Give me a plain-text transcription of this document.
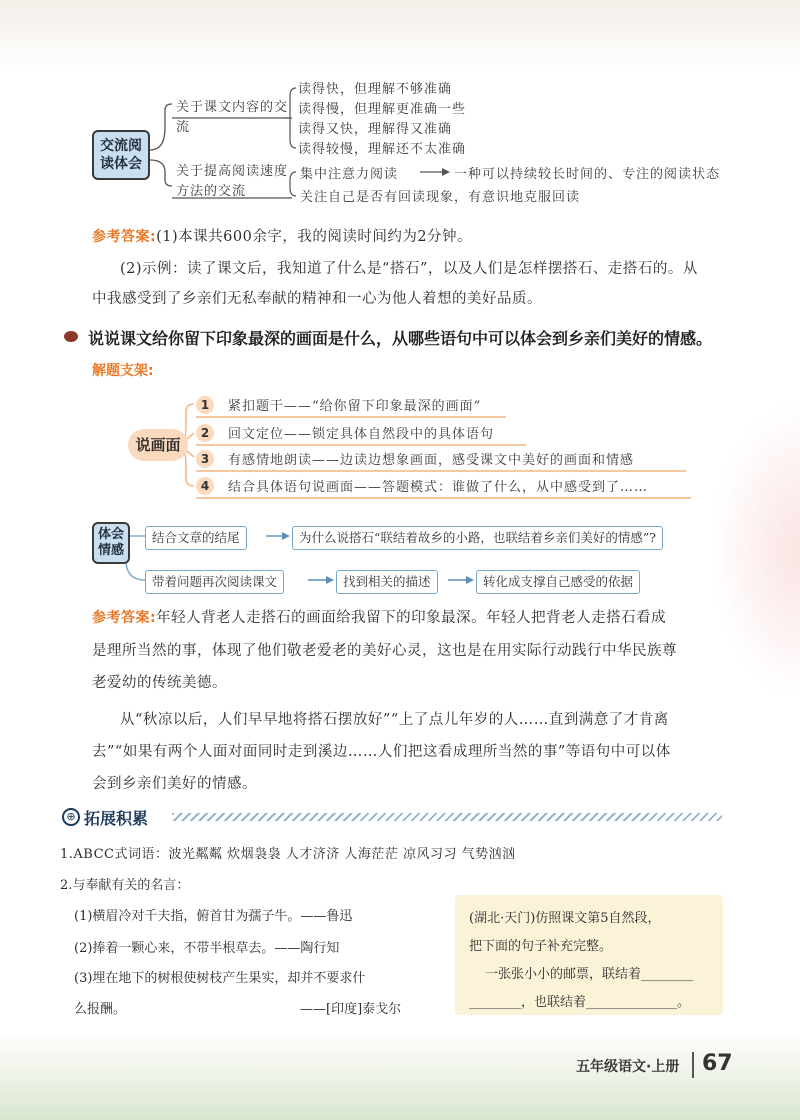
交流阅读体会
关于课文内容的交流
读得快，但理解不够准确
读得慢，但理解更准确一些
读得又快，理解得又准确
读得较慢，理解还不太准确
关于提高阅读速度方法的交流
集中注意力阅读	一种可以持续较长时间的、专注的阅读状态
关注自己是否有回读现象，有意识地克服回读
参考答案:(1)本课共600余字，我的阅读时间约为2分钟。
(2)示例：读了课文后，我知道了什么是“搭石”，以及人们是怎样摆搭石、走搭石的。从
中我感受到了乡亲们无私奉献的精神和一心为他人着想的美好品质。
说说课文给你留下印象最深的画面是什么，从哪些语句中可以体会到乡亲们美好的情感。
解题支架:
说画面
1	紧扣题干——“给你留下印象最深的画面”
2	回文定位——锁定具体自然段中的具体语句
3	有感情地朗读——边读边想象画面，感受课文中美好的画面和情感
4	结合具体语句说画面——答题模式：谁做了什么，从中感受到了……
体会情感
结合文章的结尾	为什么说搭石“联结着故乡的小路，也联结着乡亲们美好的情感”?
带着问题再次阅读课文	找到相关的描述	转化成支撑自己感受的依据
参考答案:年轻人背老人走搭石的画面给我留下的印象最深。年轻人把背老人走搭石看成
是理所当然的事，体现了他们敬老爱老的美好心灵，这也是在用实际行动践行中华民族尊
老爱幼的传统美德。
从“秋凉以后，人们早早地将搭石摆放好”“上了点儿年岁的人……直到满意了才肯离
去”“如果有两个人面对面同时走到溪边……人们把这看成理所当然的事”等语句中可以体
会到乡亲们美好的情感。
⊕ 拓展积累
1.ABCC式词语：波光粼粼 炊烟袅袅 人才济济 人海茫茫 凉风习习 气势汹汹
2.与奉献有关的名言：
(1)横眉冷对千夫指，俯首甘为孺子牛。——鲁迅
(2)捧着一颗心来，不带半根草去。——陶行知
(3)埋在地下的树根使树枝产生果实，却并不要求什
么报酬。	——[印度]泰戈尔
(湖北·天门)仿照课文第5自然段，
把下面的句子补充完整。
一张张小小的邮票，联结着________
________，也联结着______________。
五年级语文·上册 67
